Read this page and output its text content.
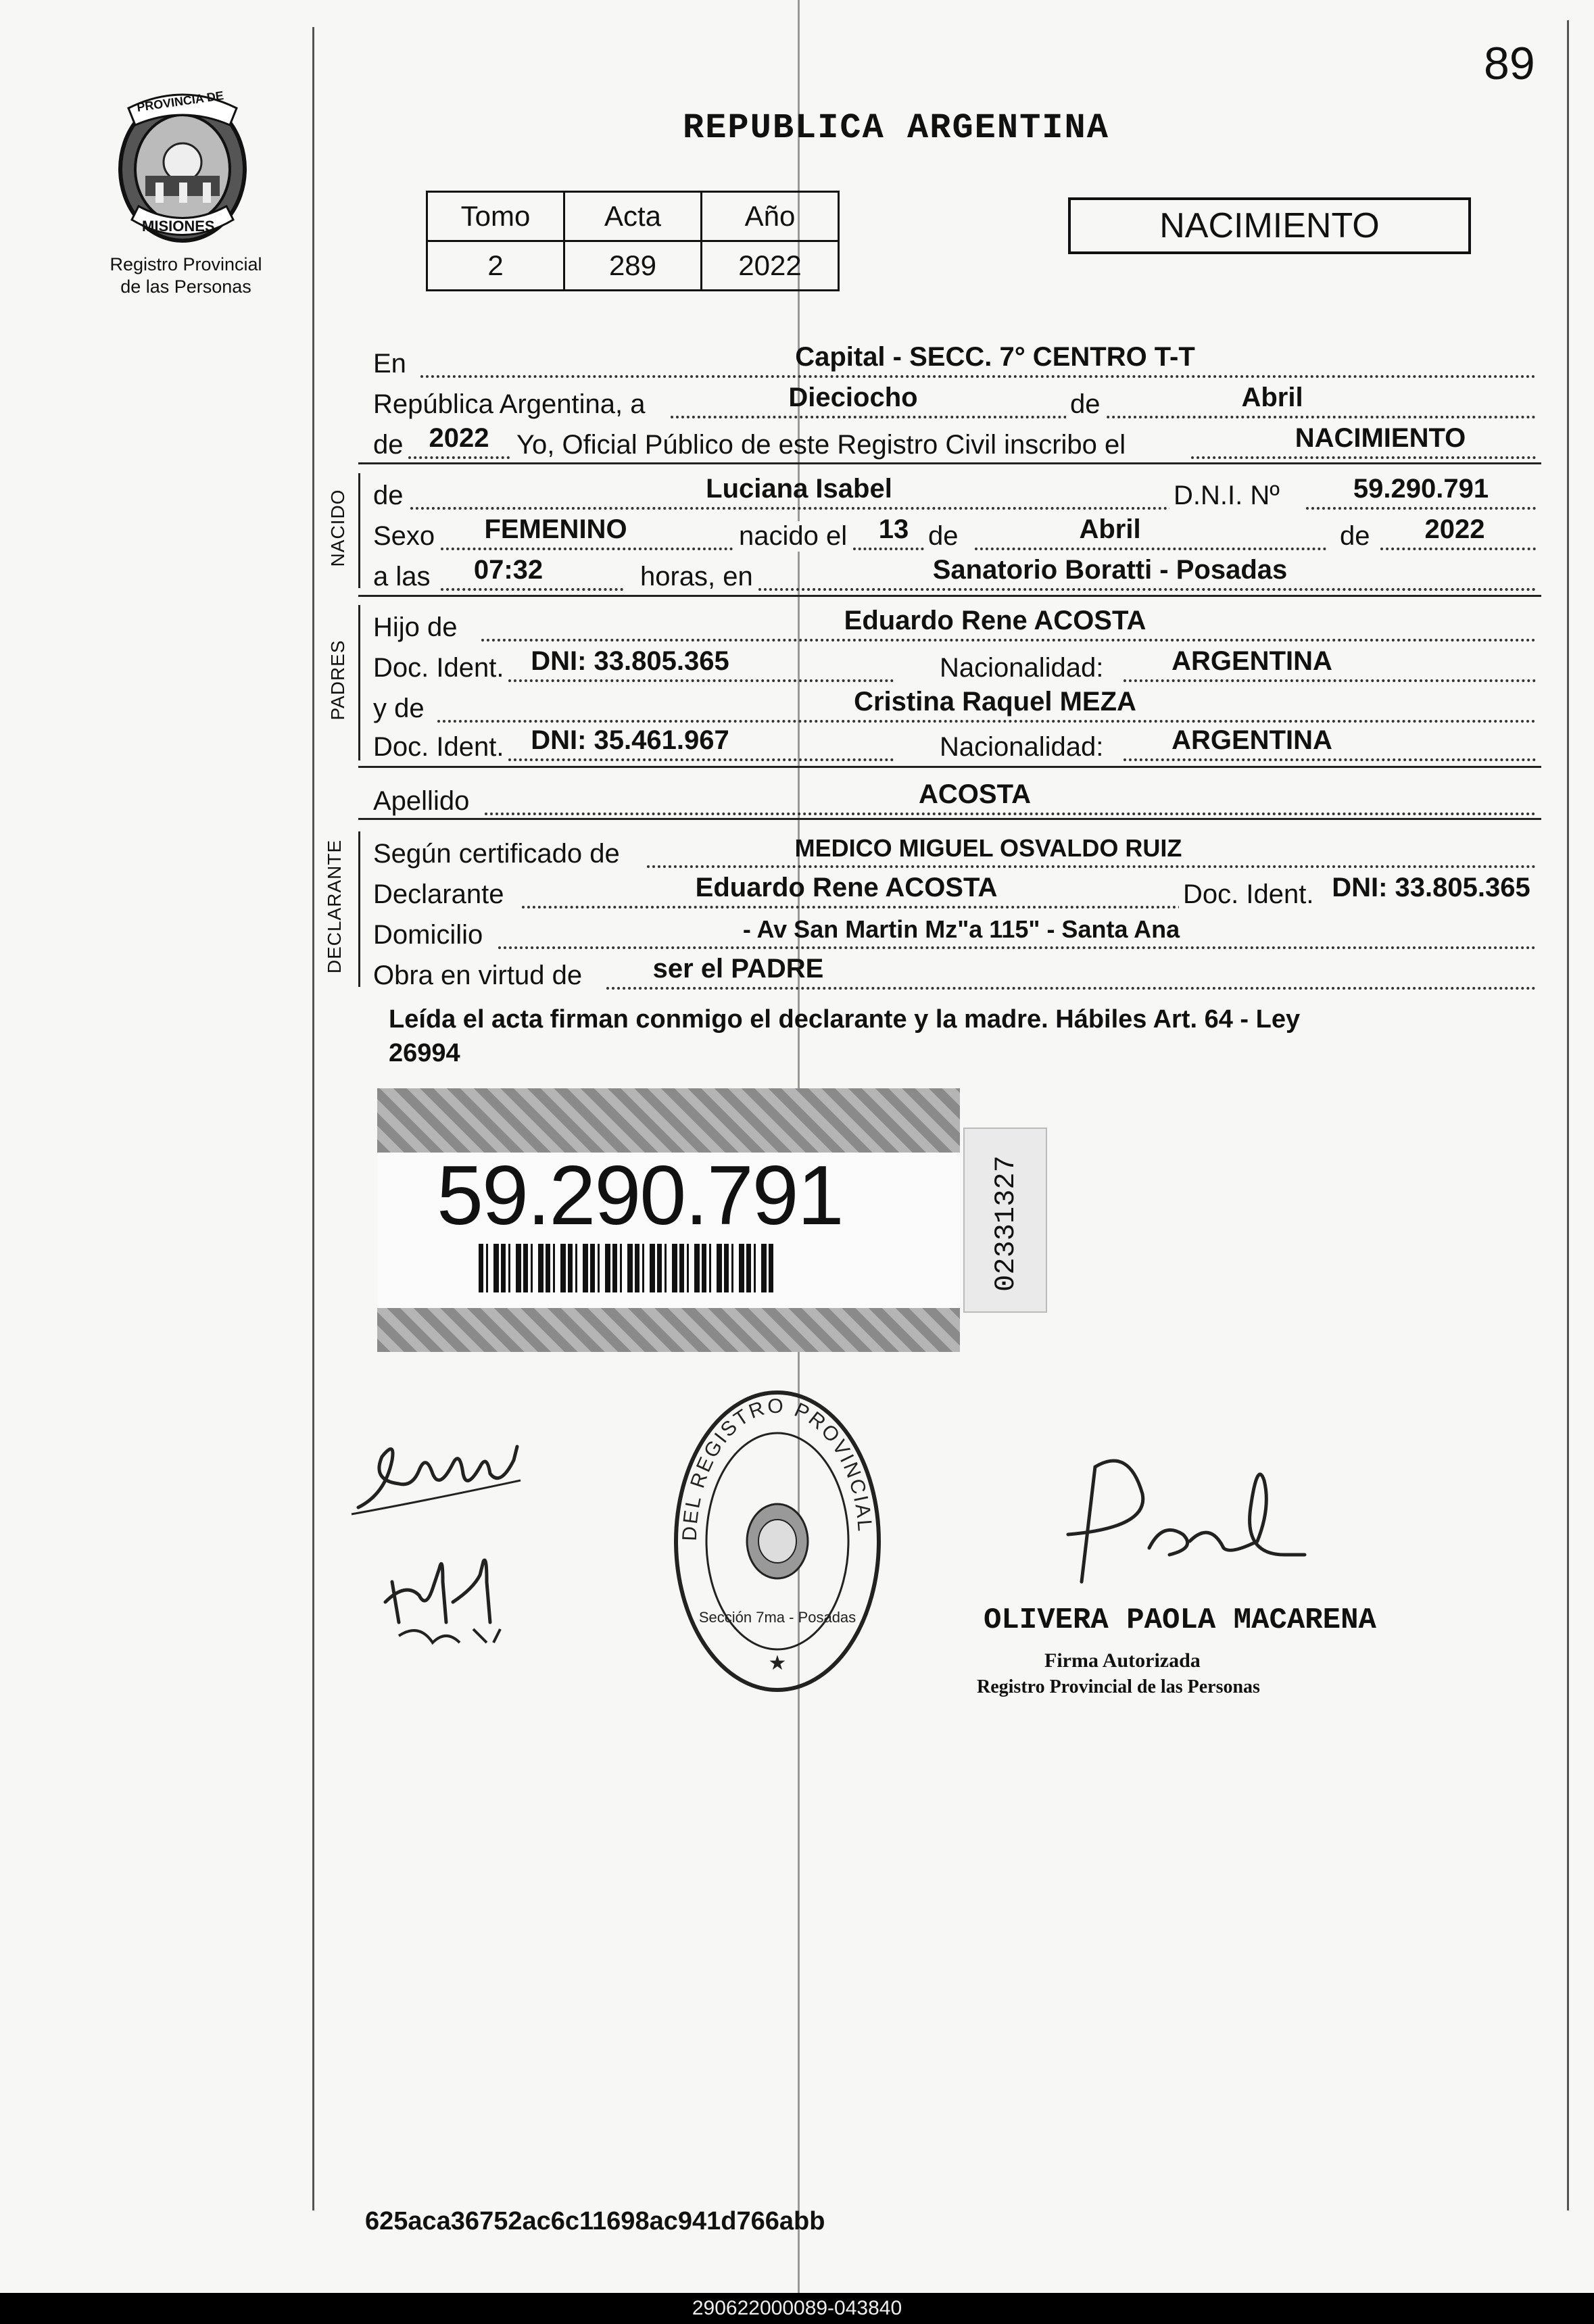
89
PROVINCIA DE
MISIONES
Registro Provincial
de las Personas
REPUBLICA ARGENTINA
Tomo	Acta	Año
2	289	2022
NACIMIENTO
En	Capital - SECC. 7° CENTRO T-T
República Argentina, a	Dieciocho	de	Abril
de 2022	Yo, Oficial Público de este Registro Civil inscribo el	NACIMIENTO
NACIDO de	Luciana Isabel	D.N.I. Nº	59.290.791
Sexo	FEMENINO	nacido el	13 de	Abril	de	2022
a las	07:32	horas, en	Sanatorio Boratti - Posadas
PADRES
Hijo de	Eduardo Rene ACOSTA
Doc. Ident. DNI: 33.805.365	Nacionalidad:	ARGENTINA
y de	Cristina Raquel MEZA
Doc. Ident. DNI: 35.461.967	Nacionalidad:	ARGENTINA
Apellido	ACOSTA
DECLARANTE Según certificado de	MEDICO MIGUEL OSVALDO RUIZ
Declarante	Eduardo Rene ACOSTA	Doc. Ident. DNI: 33.805.365
Domicilio	- Av San Martin Mz"a 115" - Santa Ana
Obra en virtud de	ser el PADRE
Leída el acta firman conmigo el declarante y la madre. Hábiles Art. 64 - Ley
26994
59.290.791	02331327
DEL REGISTRO PROVINCIAL
Sección 7ma - Posadas
★
OLIVERA PAOLA MACARENA
Firma Autorizada
Registro Provincial de las Personas
625aca36752ac6c11698ac941d766abb
290622000089-043840
